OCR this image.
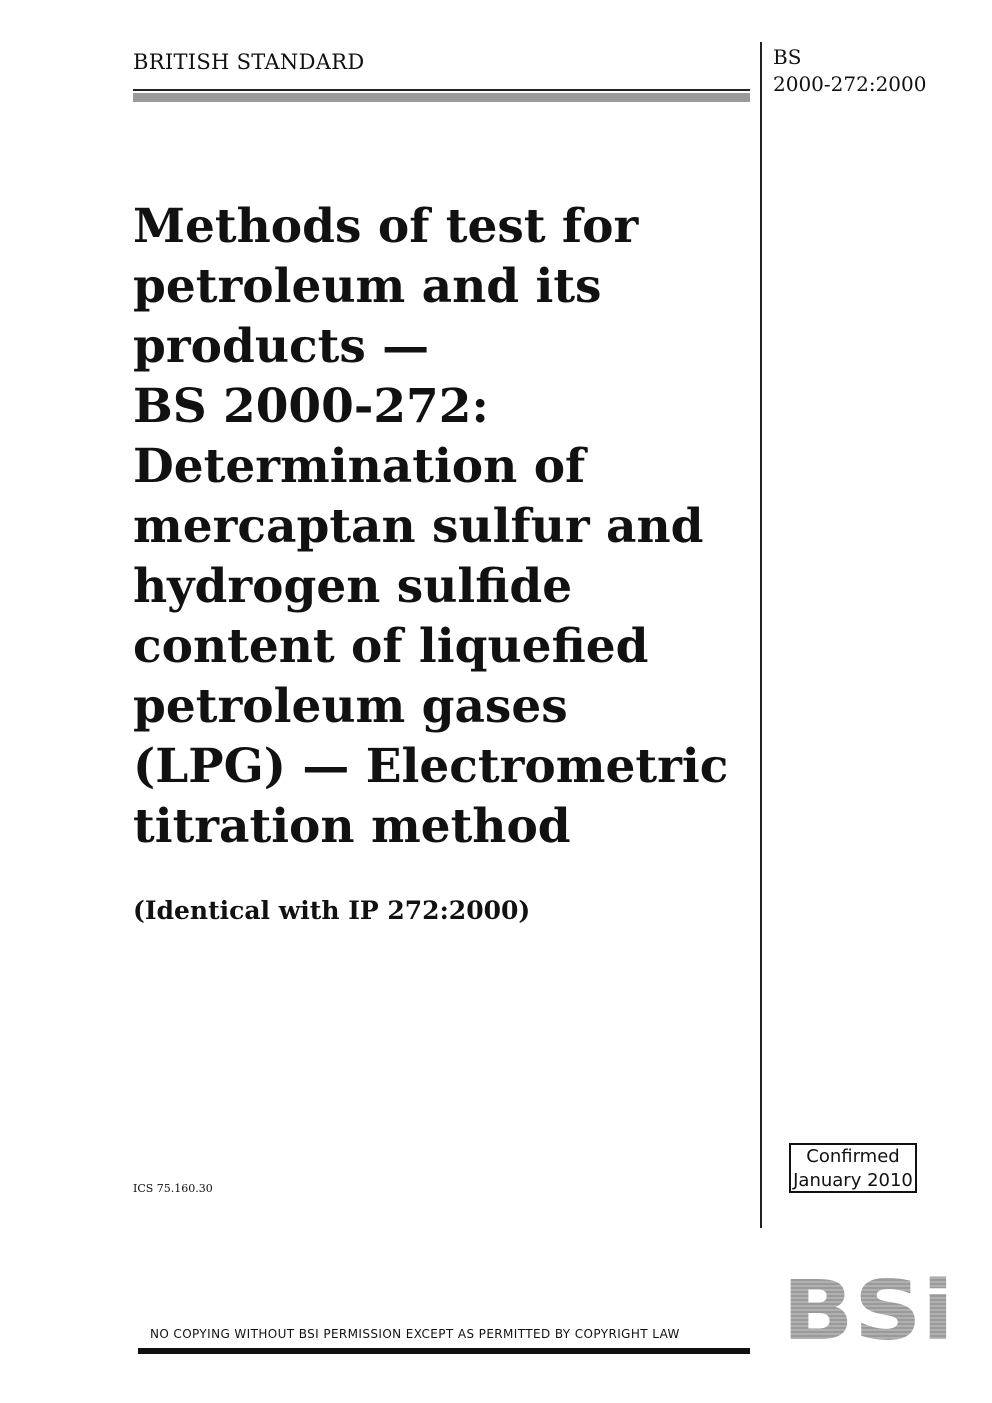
BRITISH STANDARD	BS
2000-272:2000
Methods of test for
petroleum and its
products —
BS 2000-272:
Determination of
mercaptan sulfur and
hydrogen sulfide
content of liquefied
petroleum gases
(LPG) — Electrometric
titration method
(Identical with IP 272:2000)
ICS 75.160.30
Confirmed
January 2010
BSi
NO COPYING WITHOUT BSI PERMISSION EXCEPT AS PERMITTED BY COPYRIGHT LAW
